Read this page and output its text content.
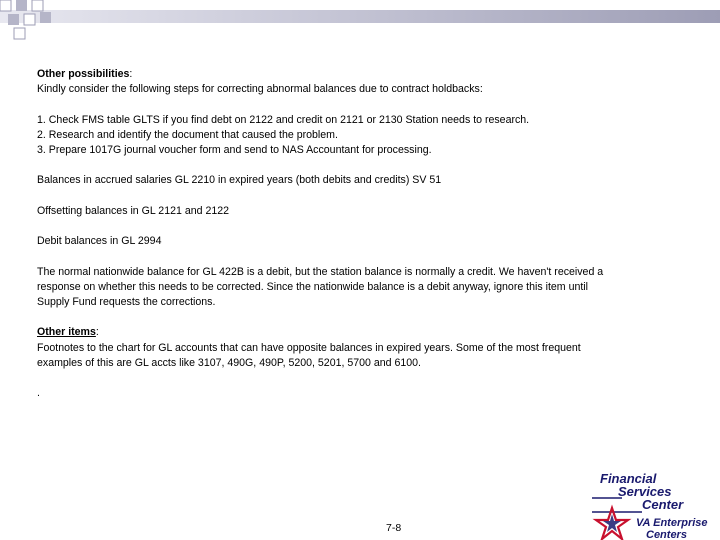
Other possibilities:

Kindly consider the following steps for correcting abnormal balances due to contract holdbacks:

1. Check FMS table GLTS if you find debt on 2122 and credit on 2121 or 2130 Station needs to research.

2. Research and identify the document that caused the problem.

3. Prepare 1017G journal voucher form and send to NAS Accountant for processing.

Balances in accrued salaries GL 2210 in expired years (both debits and credits) SV 51

Offsetting balances in GL 2121 and 2122

Debit balances in GL 2994

The normal nationwide balance for GL 422B is a debit, but the station balance is normally a credit. We haven't received a

response on whether this needs to be corrected. Since the nationwide balance is a debit anyway, ignore this item until

Supply Fund requests the corrections.

Other items:

Footnotes to the chart for GL accounts that can have opposite balances in expired years. Some of the most frequent

examples of this are GL accts like 3107, 490G, 490P, 5200, 5201, 5700 and 6100.

.

7-8
Financial
Services
Center
VA Enterprise
Centers
